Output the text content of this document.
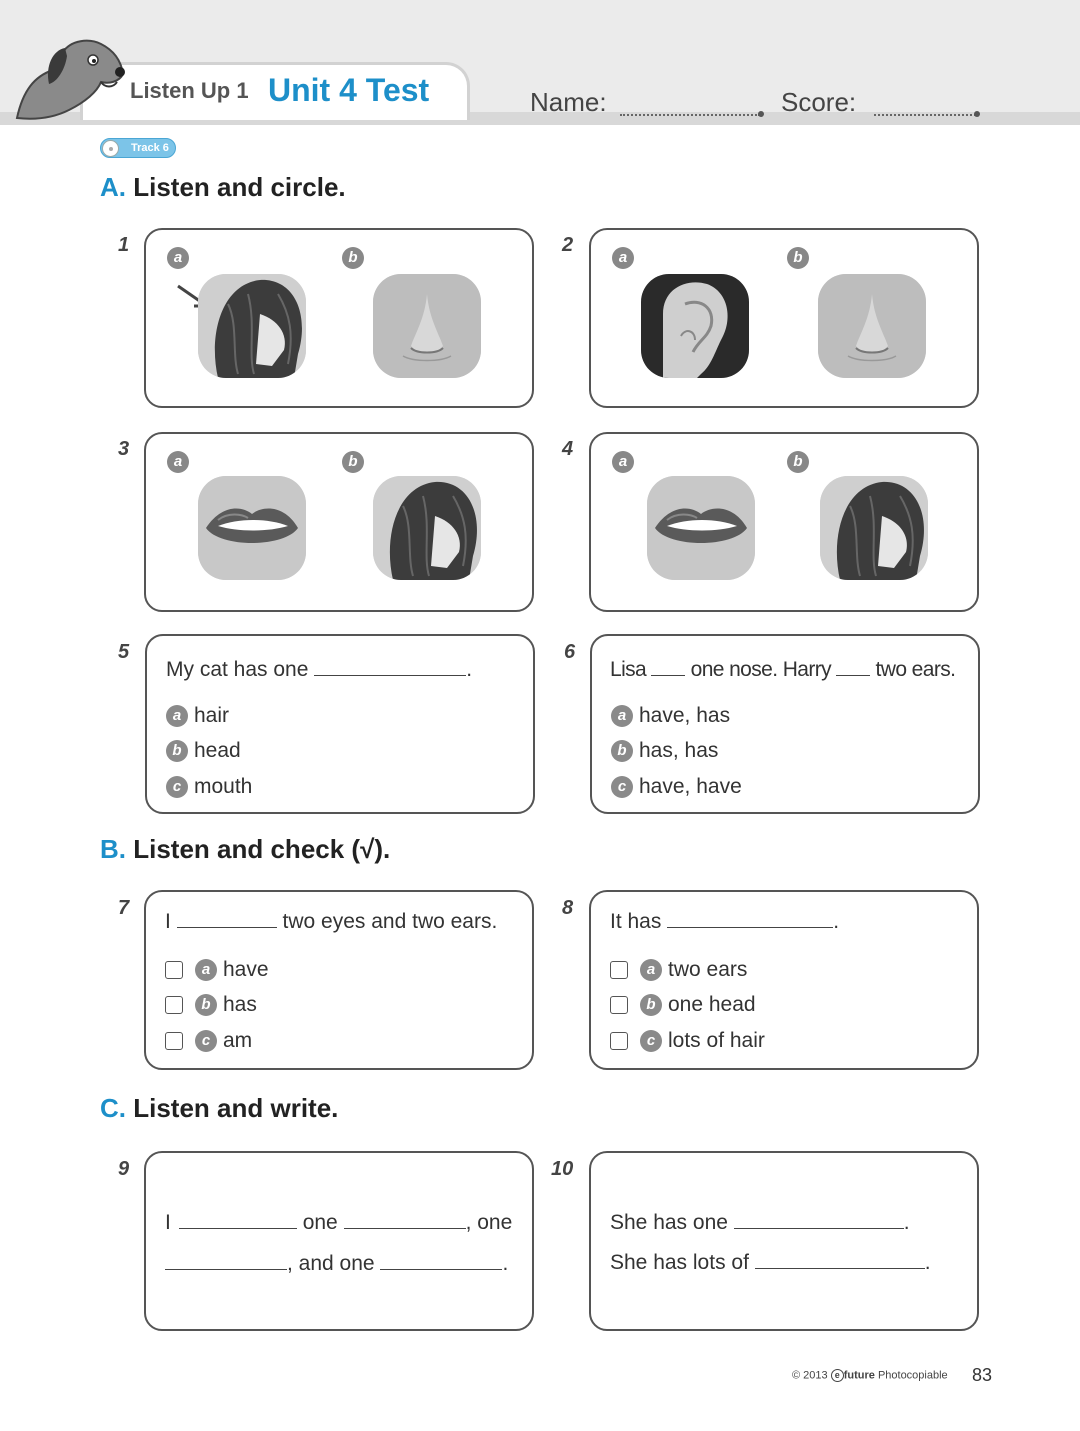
Listen Up 1 Unit 4 Test	Name:	Score:
Track 6
A. Listen and circle.
1
a	b
2
a	b
3
a	b
4
a	b
5
My cat has one	.
a hair
b head
c mouth
6
Lisa one nose. Harry two ears.
a have, has
b has, has
c have, have
B. Listen and check (√).
7
I	two eyes and two ears.
a have
b has
c am
8
It has	.
a two ears
b one head
c lots of hair
C. Listen and write.
9
I	one	, one
, and one	.
10
She has one	.
She has lots of	.
© 2013 e future Photocopiable 83
